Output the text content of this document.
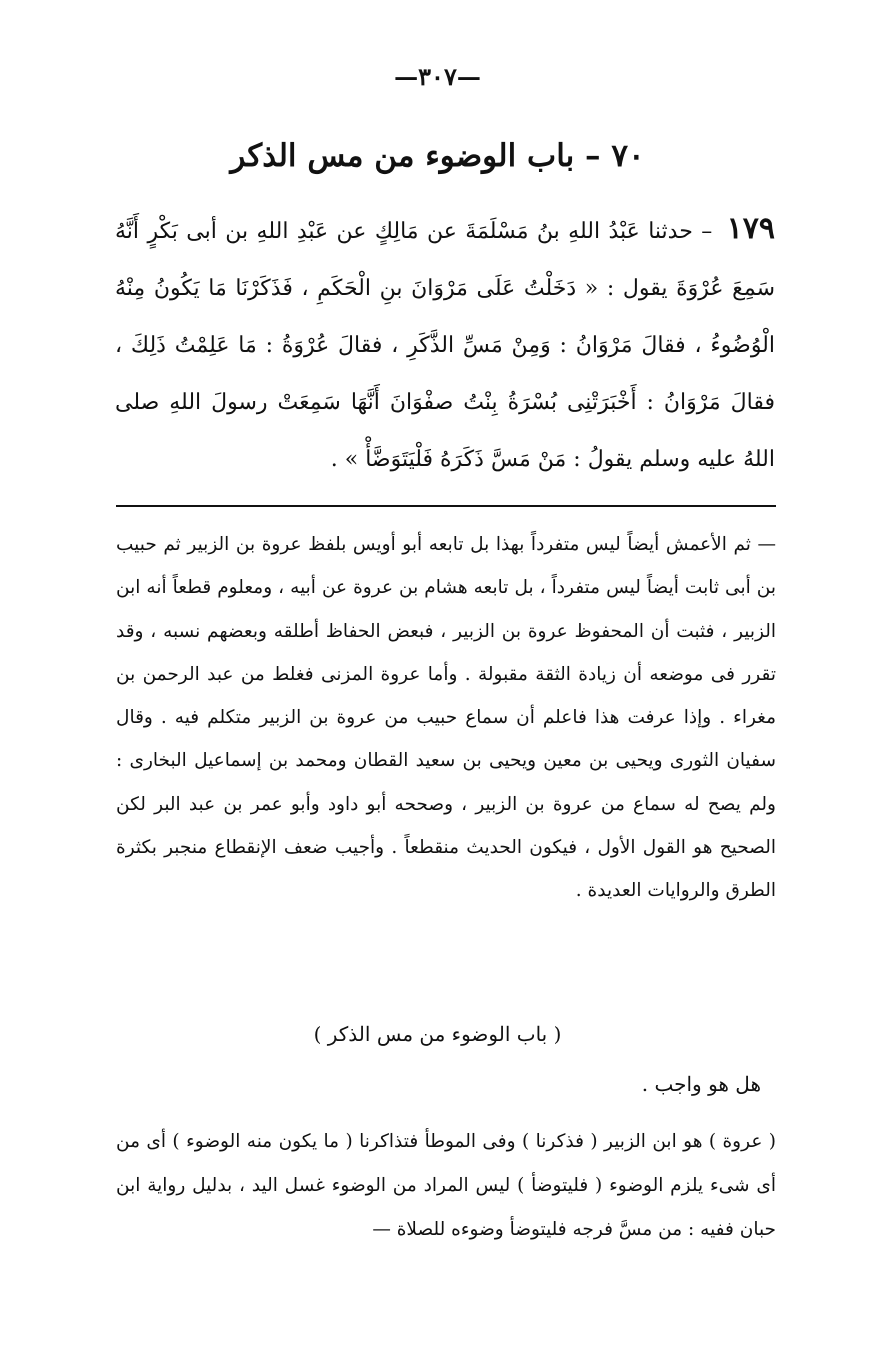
—٣٠٧—
٧٠ – باب الوضوء من مس الذكر
١٧٩ – حدثنا عَبْدُ اللهِ بنُ مَسْلَمَةَ عن مَالِكٍ عن عَبْدِ اللهِ بن أبى بَكْرٍ أَنَّهُ سَمِعَ عُرْوَةَ يقول : « دَخَلْتُ عَلَى مَرْوَانَ بنِ الْحَكَمِ ، فَذَكَرْنَا مَا يَكُونُ مِنْهُ الْوُضُوءُ ، فقالَ مَرْوَانُ : وَمِنْ مَسِّ الذَّكَرِ ، فقالَ عُرْوَةُ : مَا عَلِمْتُ ذَلِكَ ، فقالَ مَرْوَانُ : أَخْبَرَتْنِى بُسْرَةُ بِنْتُ صفْوَانَ أَنَّهَا سَمِعَتْ رسولَ اللهِ صلى اللهُ عليه وسلم يقولُ : مَنْ مَسَّ ذَكَرَهُ فَلْيَتَوَضَّأْ » .
— ثم الأعمش أيضاً ليس متفرداً بهذا بل تابعه أبو أويس بلفظ عروة بن الزبير ثم حبيب بن أبى ثابت أيضاً ليس متفرداً ، بل تابعه هشام بن عروة عن أبيه ، ومعلوم قطعاً أنه ابن الزبير ، فثبت أن المحفوظ عروة بن الزبير ، فبعض الحفاظ أطلقه وبعضهم نسبه ، وقد تقرر فى موضعه أن زيادة الثقة مقبولة . وأما عروة المزنى فغلط من عبد الرحمن بن مغراء . وإذا عرفت هذا فاعلم أن سماع حبيب من عروة بن الزبير متكلم فيه . وقال سفيان الثورى ويحيى بن معين ويحيى بن سعيد القطان ومحمد بن إسماعيل البخارى : ولم يصح له سماع من عروة بن الزبير ، وصححه أبو داود وأبو عمر بن عبد البر لكن الصحيح هو القول الأول ، فيكون الحديث منقطعاً . وأجيب ضعف الإنقطاع منجبر بكثرة الطرق والروايات العديدة .
( باب الوضوء من مس الذكر )
هل هو واجب .
( عروة ) هو ابن الزبير ( فذكرنا ) وفى الموطأ فتذاكرنا ( ما يكون منه الوضوء ) أى من أى شىء يلزم الوضوء ( فليتوضأ ) ليس المراد من الوضوء غسل اليد ، بدليل رواية ابن حبان ففيه : من مسَّ فرجه فليتوضأ وضوءه للصلاة —
